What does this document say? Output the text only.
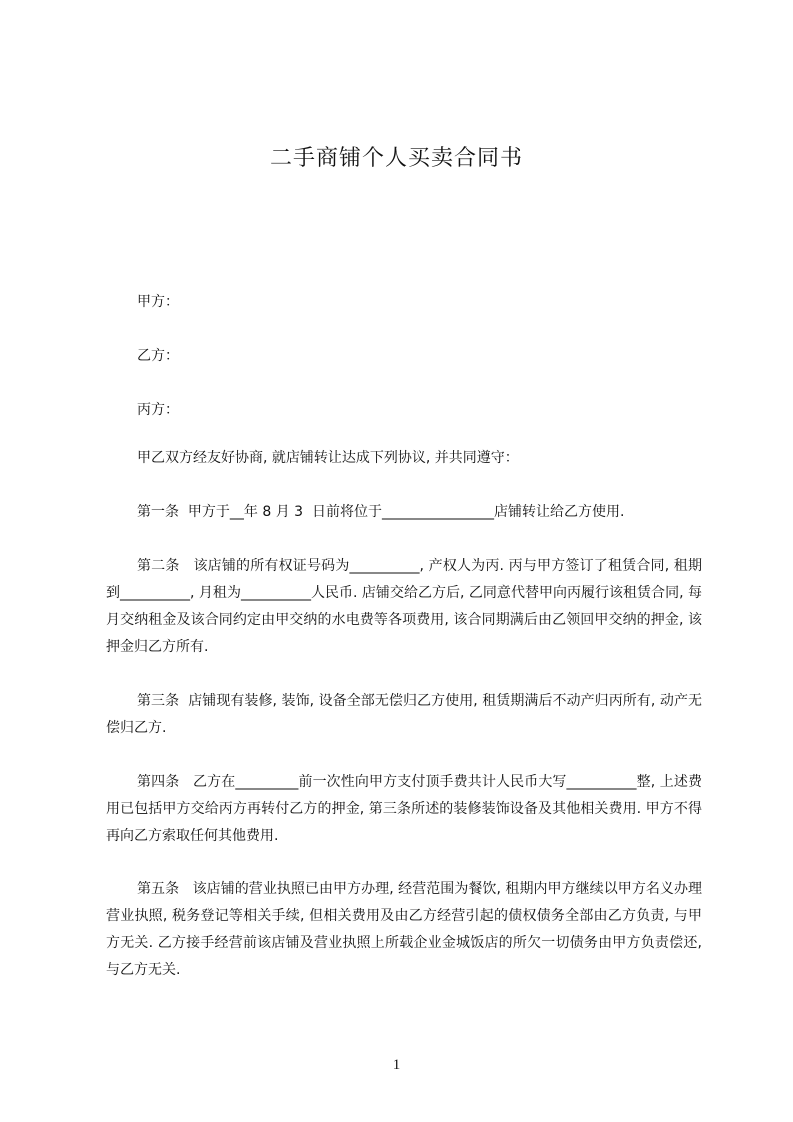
二手商铺个人买卖合同书

甲方：

乙方：

丙方：

甲乙双方经友好协商, 就店铺转让达成下列协议, 并共同遵守：

第一条  甲方于__年 8 月 3  日前将位于________________店铺转让给乙方使用.

第二条   该店铺的所有权证号码为__________, 产权人为丙. 丙与甲方签订了租赁合同, 租期到__________, 月租为__________人民币. 店铺交给乙方后, 乙同意代替甲向丙履行该租赁合同, 每月交纳租金及该合同约定由甲交纳的水电费等各项费用, 该合同期满后由乙领回甲交纳的押金, 该押金归乙方所有.

第三条  店铺现有装修, 装饰, 设备全部无偿归乙方使用, 租赁期满后不动产归丙所有, 动产无偿归乙方.

第四条   乙方在_________前一次性向甲方支付顶手费共计人民币大写__________整, 上述费用已包括甲方交给丙方再转付乙方的押金, 第三条所述的装修装饰设备及其他相关费用. 甲方不得再向乙方索取任何其他费用.

第五条   该店铺的营业执照已由甲方办理, 经营范围为餐饮, 租期内甲方继续以甲方名义办理营业执照, 税务登记等相关手续, 但相关费用及由乙方经营引起的债权债务全部由乙方负责, 与甲方无关. 乙方接手经营前该店铺及营业执照上所载企业金城饭店的所欠一切债务由甲方负责偿还, 与乙方无关.

1
